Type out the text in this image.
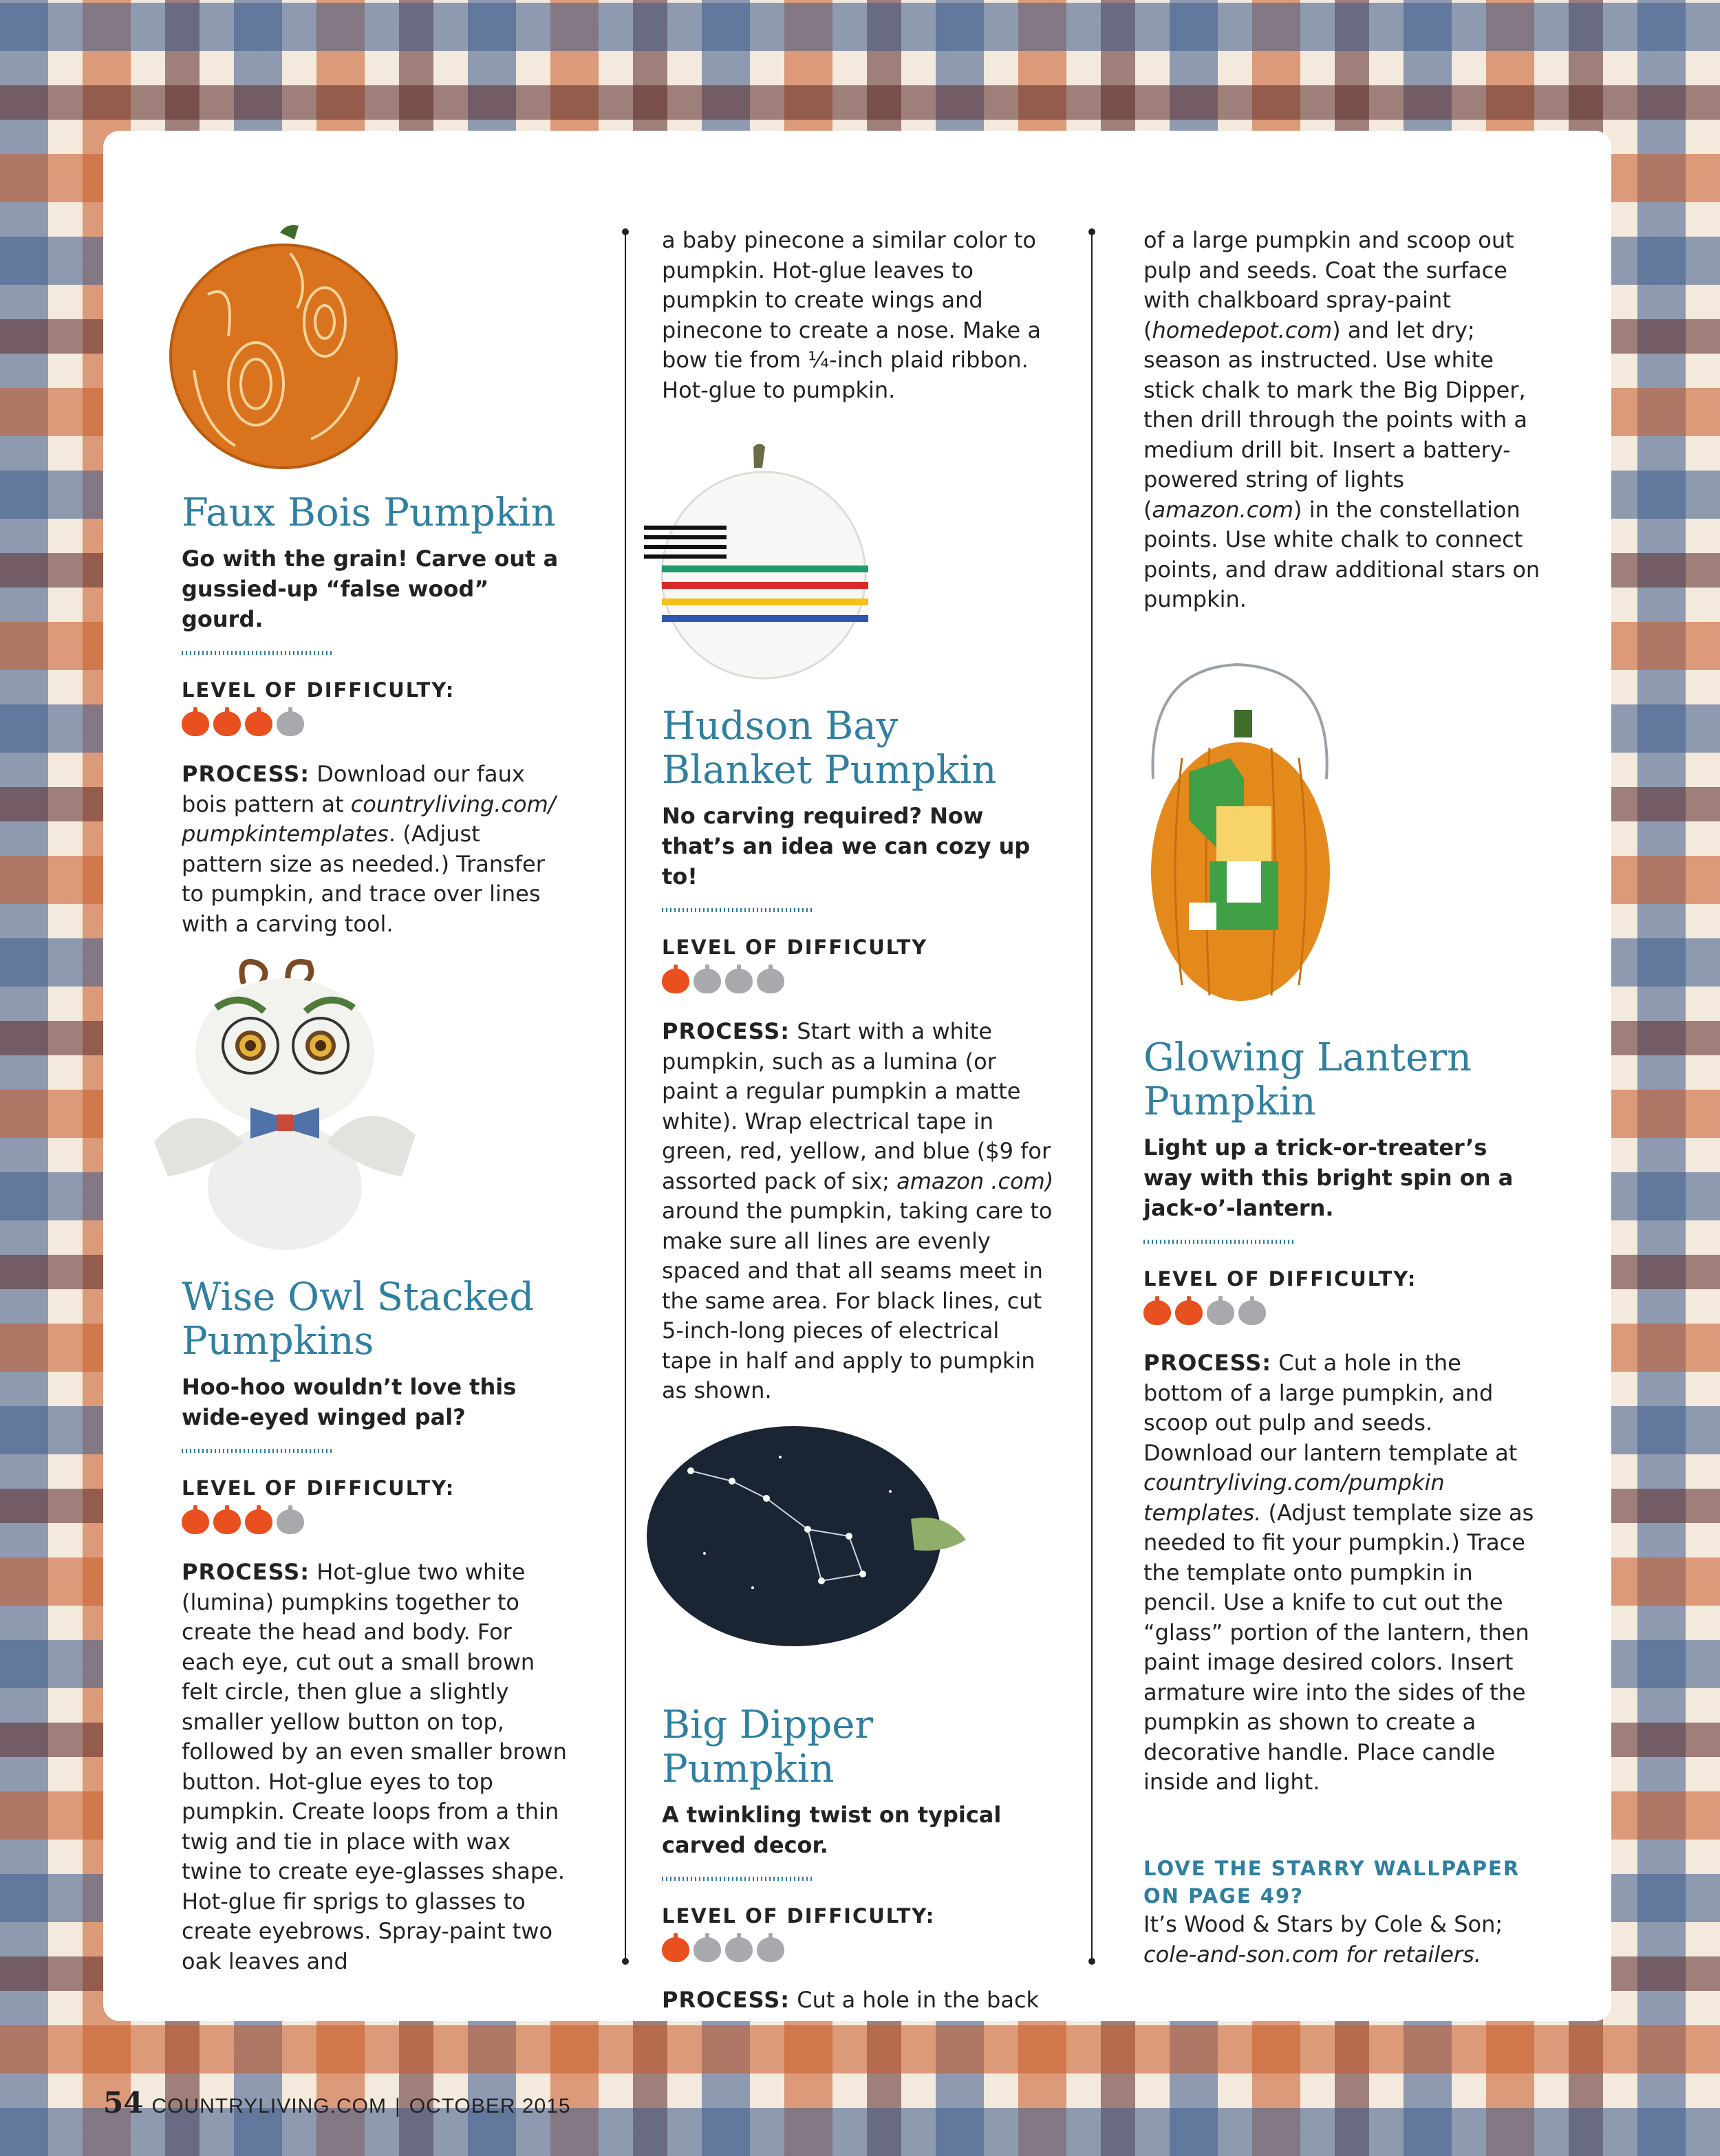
Faux Bois Pumpkin

Go with the grain! Carve out a gussied-up “false wood” gourd.

LEVEL OF DIFFICULTY:

PROCESS: Download our faux bois pattern at countryliving.com/ pumpkintemplates. (Adjust pattern size as needed.) Transfer to pumpkin, and trace over lines with a carving tool.

Wise Owl Stacked Pumpkins

Hoo-hoo wouldn’t love this wide-eyed winged pal?

LEVEL OF DIFFICULTY:

PROCESS: Hot-glue two white (lumina) pumpkins together to create the head and body. For each eye, cut out a small brown felt circle, then glue a slightly smaller yellow button on top, followed by an even smaller brown button. Hot-glue eyes to top pumpkin. Create loops from a thin twig and tie in place with wax twine to create eye-glasses shape. Hot-glue fir sprigs to glasses to create eyebrows. Spray-paint two oak leaves and

a baby pinecone a similar color to pumpkin. Hot-glue leaves to pumpkin to create wings and pinecone to create a nose. Make a bow tie from ¹⁄₄-inch plaid ribbon. Hot-glue to pumpkin.

Hudson Bay Blanket Pumpkin

No carving required? Now that’s an idea we can cozy up to!

LEVEL OF DIFFICULTY

PROCESS: Start with a white pumpkin, such as a lumina (or paint a regular pumpkin a matte white). Wrap electrical tape in green, red, yellow, and blue ($9 for assorted pack of six; amazon .com) around the pumpkin, taking care to make sure all lines are evenly spaced and that all seams meet in the same area. For black lines, cut 5-inch-long pieces of electrical tape in half and apply to pumpkin as shown.

Big Dipper Pumpkin

A twinkling twist on typical carved decor.

LEVEL OF DIFFICULTY:

PROCESS: Cut a hole in the back

of a large pumpkin and scoop out pulp and seeds. Coat the surface with chalkboard spray-paint (homedepot.com) and let dry; season as instructed. Use white stick chalk to mark the Big Dipper, then drill through the points with a medium drill bit. Insert a battery-powered string of lights (amazon.com) in the constellation points. Use white chalk to connect points, and draw additional stars on pumpkin.

Glowing Lantern Pumpkin

Light up a trick-or-treater’s way with this bright spin on a jack-o’-lantern.

LEVEL OF DIFFICULTY:

PROCESS: Cut a hole in the bottom of a large pumpkin, and scoop out pulp and seeds. Download our lantern template at countryliving.com/pumpkin templates. (Adjust template size as needed to fit your pumpkin.) Trace the template onto pumpkin in pencil. Use a knife to cut out the “glass” portion of the lantern, then paint image desired colors. Insert armature wire into the sides of the pumpkin as shown to create a decorative handle. Place candle inside and light.

LOVE THE STARRY WALLPAPER ON PAGE 49?

It’s Wood & Stars by Cole & Son; cole-and-son.com for retailers.

54 COUNTRYLIVING.COM | OCTOBER 2015
